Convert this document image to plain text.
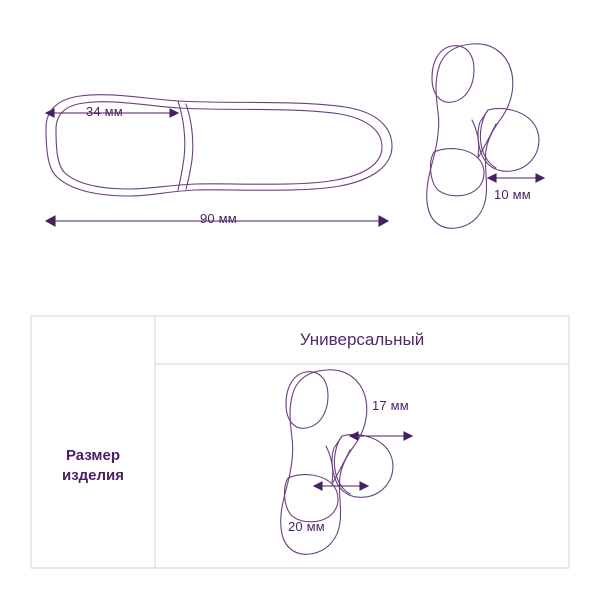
34 мм
90 мм
10 мм
17 мм
20 мм
Универсальный
Размер
изделия
